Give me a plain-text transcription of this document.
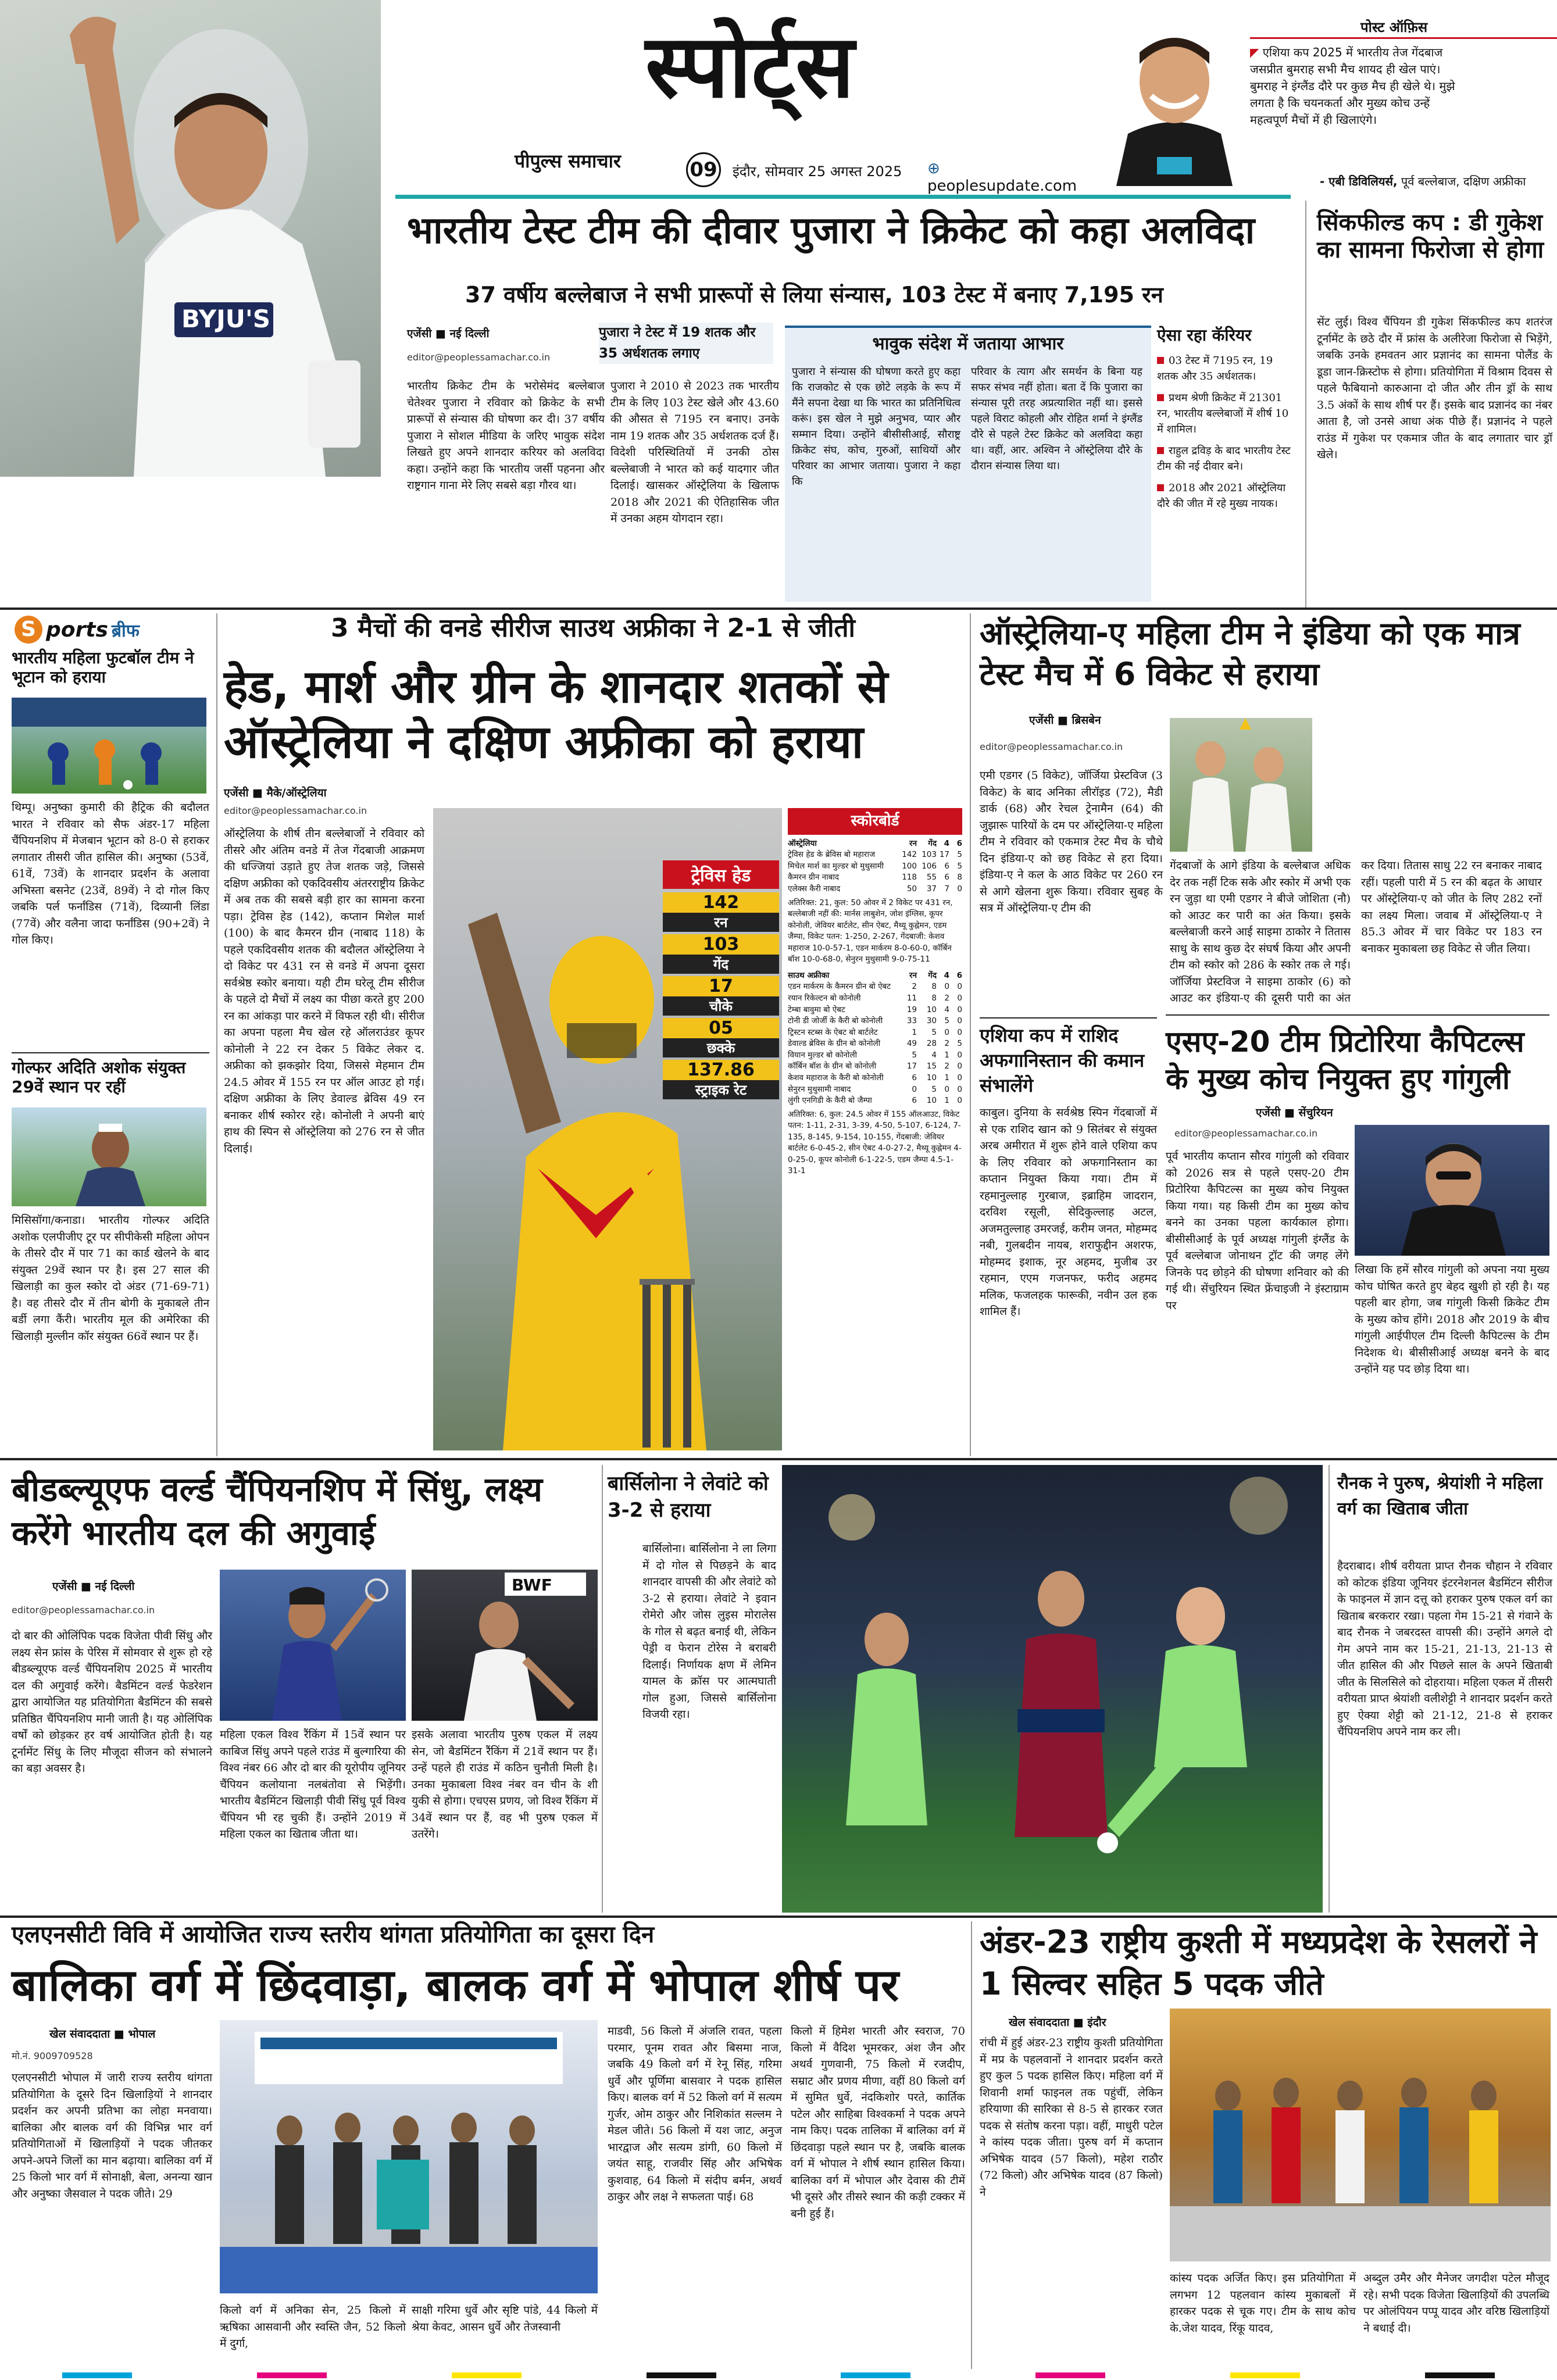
BYJU'S
स्पोर्ट्स
पीपुल्स समाचार	09 इंदौर, सोमवार 25 अगस्त 2025 ⊕ peoplesupdate.com
पोस्ट ऑफ़िस
◤ एशिया कप 2025 में भारतीय तेज गेंदबाज
जसप्रीत बुमराह सभी मैच शायद ही खेल पाएं।
बुमराह ने इंग्लैंड दौरे पर कुछ मैच ही खेले थे। मुझे
लगता है कि चयनकर्ता और मुख्य कोच उन्हें
महत्वपूर्ण मैचों में ही खिलाएंगे।
- एबी डिविलियर्स, पूर्व बल्लेबाज, दक्षिण अफ्रीका
भारतीय टेस्ट टीम की दीवार पुजारा ने क्रिकेट को कहा अलविदा
37 वर्षीय बल्लेबाज ने सभी प्रारूपों से लिया संन्यास, 103 टेस्ट में बनाए 7,195 रन
एजेंसी ■ नई दिल्ली
editor@peoplessamachar.co.in
भारतीय क्रिकेट टीम के भरोसेमंद बल्लेबाज चेतेश्वर पुजारा ने रविवार को क्रिकेट के सभी प्रारूपों से संन्यास की घोषणा कर दी। 37 वर्षीय पुजारा ने सोशल मीडिया के जरिए भावुक संदेश लिखते हुए अपने शानदार करियर को अलविदा कहा। उन्होंने कहा कि भारतीय जर्सी पहनना और राष्ट्रगान गाना मेरे लिए सबसे बड़ा गौरव था।
पुजारा ने टेस्ट में 19 शतक और 35 अर्धशतक लगाए
पुजारा ने 2010 से 2023 तक भारतीय टीम के लिए 103 टेस्ट खेले और 43.60 की औसत से 7195 रन बनाए। उनके नाम 19 शतक और 35 अर्धशतक दर्ज हैं। विदेशी परिस्थितियों में उनकी ठोस बल्लेबाजी ने भारत को कई यादगार जीत दिलाई। खासकर ऑस्ट्रेलिया के खिलाफ 2018 और 2021 की ऐतिहासिक जीत में उनका अहम योगदान रहा।
भावुक संदेश में जताया आभार
पुजारा ने संन्यास की घोषणा करते हुए कहा कि राजकोट से एक छोटे लड़के के रूप में मैंने सपना देखा था कि भारत का प्रतिनिधित्व करूं। इस खेल ने मुझे अनुभव, प्यार और सम्मान दिया। उन्होंने बीसीसीआई, सौराष्ट्र क्रिकेट संघ, कोच, गुरुओं, साथियों और परिवार का आभार जताया। पुजारा ने कहा कि
परिवार के त्याग और समर्थन के बिना यह सफर संभव नहीं होता। बता दें कि पुजारा का संन्यास पूरी तरह अप्रत्याशित नहीं था। इससे पहले विराट कोहली और रोहित शर्मा ने इंग्लैंड दौरे से पहले टेस्ट क्रिकेट को अलविदा कहा था। वहीं, आर. अश्विन ने ऑस्ट्रेलिया दौरे के दौरान संन्यास लिया था।
ऐसा रहा कॅरियर
03 टेस्ट में 7195 रन, 19 शतक और 35 अर्धशतक।
प्रथम श्रेणी क्रिकेट में 21301 रन, भारतीय बल्लेबाजों में शीर्ष 10 में शामिल।
राहुल द्रविड़ के बाद भारतीय टेस्ट टीम की नई दीवार बने।
2018 और 2021 ऑस्ट्रेलिया दौरे की जीत में रहे मुख्य नायक।
सिंकफील्ड कप : डी गुकेश का सामना फिरोजा से होगा
सेंट लुई। विश्व चैंपियन डी गुकेश सिंकफील्ड कप शतरंज टूर्नामेंट के छठे दौर में फ्रांस के अलीरेजा फिरोजा से भिड़ेंगे, जबकि उनके हमवतन आर प्रज्ञानंद का सामना पोलैंड के डूडा जान-क्रिस्टोफ से होगा। प्रतियोगिता में विश्राम दिवस से पहले फैबियानो कारुआना दो जीत और तीन ड्रॉ के साथ 3.5 अंकों के साथ शीर्ष पर हैं। इसके बाद प्रज्ञानंद का नंबर आता है, जो उनसे आधा अंक पीछे हैं। प्रज्ञानंद ने पहले राउंड में गुकेश पर एकमात्र जीत के बाद लगातार चार ड्रॉ खेले।
S ports ब्रीफ
भारतीय महिला फुटबॉल टीम ने भूटान को हराया
थिम्पू। अनुष्का कुमारी की हैट्रिक की बदौलत भारत ने रविवार को सैफ अंडर-17 महिला चैंपियनशिप में मेजबान भूटान को 8-0 से हराकर लगातार तीसरी जीत हासिल की। अनुष्का (53वें, 61वें, 73वें) के शानदार प्रदर्शन के अलावा अभिस्ता बसनेट (23वें, 89वें) ने दो गोल किए जबकि पर्ल फर्नांडिस (71वें), दिव्यानी लिंडा (77वें) और वलैना जादा फर्नांडिस (90+2वें) ने गोल किए।
गोल्फर अदिति अशोक संयुक्त 29वें स्थान पर रहीं
मिसिसॉगा/कनाडा। भारतीय गोल्फर अदिति अशोक एलपीजीए टूर पर सीपीकेसी महिला ओपन के तीसरे दौर में पार 71 का कार्ड खेलने के बाद संयुक्त 29वें स्थान पर है। इस 27 साल की खिलाड़ी का कुल स्कोर दो अंडर (71-69-71) है। वह तीसरे दौर में तीन बोगी के मुकाबले तीन बर्डी लगा कैंरी। भारतीय मूल की अमेरिका की खिलाड़ी मुल्लीन कॉर संयुक्त 66वें स्थान पर हैं।
3 मैचों की वनडे सीरीज साउथ अफ्रीका ने 2-1 से जीती
हेड, मार्श और ग्रीन के शानदार शतकों से ऑस्ट्रेलिया ने दक्षिण अफ्रीका को हराया
एजेंसी ■ मैके/ऑस्ट्रेलिया
editor@peoplessamachar.co.in
ऑस्ट्रेलिया के शीर्ष तीन बल्लेबाजों ने रविवार को तीसरे और अंतिम वनडे में तेज गेंदबाजी आक्रमण की धज्जियां उड़ाते हुए तेज शतक जड़े, जिससे दक्षिण अफ्रीका को एकदिवसीय अंतरराष्ट्रीय क्रिकेट में अब तक की सबसे बड़ी हार का सामना करना पड़ा। ट्रेविस हेड (142), कप्तान मिशेल मार्श (100) के बाद कैमरन ग्रीन (नाबाद 118) के पहले एकदिवसीय शतक की बदौलत ऑस्ट्रेलिया ने दो विकेट पर 431 रन से वनडे में अपना दूसरा सर्वश्रेष्ठ स्कोर बनाया। यही टीम घरेलू टीम सीरीज के पहले दो मैचों में लक्ष्य का पीछा करते हुए 200 रन का आंकड़ा पार करने में विफल रही थी। सीरीज का अपना पहला मैच खेल रहे ऑलराउंडर कूपर कोनोली ने 22 रन देकर 5 विकेट लेकर द. अफ्रीका को झकझोर दिया, जिससे मेहमान टीम 24.5 ओवर में 155 रन पर ऑल आउट हो गई। दक्षिण अफ्रीका के लिए डेवाल्ड ब्रेविस 49 रन बनाकर शीर्ष स्कोरर रहे। कोनोली ने अपनी बाएं हाथ की स्पिन से ऑस्ट्रेलिया को 276 रन से जीत दिलाई।
ट्रेविस हेड
142
रन
103
गेंद
17
चौके
05
छक्के
137.86
स्ट्राइक रेट
स्कोरबोर्ड
ऑस्ट्रेलिया	रन	गेंद 4 6
ट्रेविस हेड के ब्रेविस बो महाराज	142 103 17 5
मिचेल मार्श का मुल्डर बो मुथुसामी	100 106 6 5
कैमरन ग्रीन नाबाद	118	55 6 8
एलेक्स कैरी नाबाद	50	37 7 0
अतिरिक्त: 21, कुल: 50 ओवर में 2 विकेट पर 431 रन, बल्लेबाजी नहीं की: मार्नस लाबुशेन, जोश इंग्लिस, कूपर कोनोली, जेवियर बार्टलेट, सीन ऐबट, मैथ्यू कुह्नेमन, एडम जैम्पा, विकेट पतन: 1-250, 2-267, गेंदबाजी: केशव महाराज 10-0-57-1, एडन मार्करम 8-0-60-0, कॉर्बिन बॉश 10-0-68-0, सेनुरन मुथुसामी 9-0-75-11
साउथ अफ्रीका	रन	गेंद 4 6
एडन मार्करम के कैमरन ग्रीन बो ऐबट	2	8 0 0
रयान रिकेल्टन बो कोनोली	11	8 2 0
टेम्बा बावुमा बो ऐबट	19	10 4 0
टोनी डी जोर्जी के कैरी बो कोनोली	33	30 5 0
ट्रिस्टन स्टब्स के ऐबट बो बार्टलेट	1	5 0 0
डेवाल्ड ब्रेविस के ग्रीन बो कोनोली	49	28 2 5
वियान मुल्डर बो कोनोली	5	4 1 0
कॉर्बिन बॉश के ग्रीन बो कोनोली	17	15 2 0
केशव महाराज के कैरी बो कोनोली	6	10 1 0
सेनुरन मुथुसामी नाबाद	0	5 0 0
लुंगी एनगिडी के कैरी बो जैम्पा	6	10 1 0
अतिरिक्त: 6, कुल: 24.5 ओवर में 155 ऑलआउट, विकेट पतन: 1-11, 2-31, 3-39, 4-50, 5-107, 6-124, 7-135, 8-145, 9-154, 10-155, गेंदबाजी: जेवियर बार्टलेट 6-0-45-2, सीन ऐबट 4-0-27-2, मैथ्यू कुह्नेमन 4-0-25-0, कूपर कोनोली 6-1-22-5, एडम जैम्पा 4.5-1-31-1
ऑस्ट्रेलिया-ए महिला टीम ने इंडिया को एक मात्र टेस्ट मैच में 6 विकेट से हराया
एजेंसी ■ ब्रिसबेन
editor@peoplessamachar.co.in
एमी एडगर (5 विकेट), जॉर्जिया प्रेस्टविज (3 विकेट) के बाद अनिका लीरॉइड (72), मैडी डार्क (68) और रेचल ट्रेनामैन (64) की जुझारू पारियों के दम पर ऑस्ट्रेलिया-ए महिला टीम ने रविवार को एकमात्र टेस्ट मैच के चौथे दिन इंडिया-ए को छह विकेट से हरा दिया। इंडिया-ए ने कल के आठ विकेट पर 260 रन से आगे खेलना शुरू किया। रविवार सुबह के सत्र में ऑस्ट्रेलिया-ए टीम की
गेंदबाजों के आगे इंडिया के बल्लेबाज अधिक देर तक नहीं टिक सके और स्कोर में अभी एक रन जुड़ा था एमी एडगर ने बीजे जोशिता (नौ) को आउट कर पारी का अंत किया। इसके बल्लेबाजी करने आई साइमा ठाकोर ने तितास साधु के साथ कुछ देर संघर्ष किया और अपनी टीम को स्कोर को 286 के स्कोर तक ले गई। जॉर्जिया प्रेस्टविज ने साइमा ठाकोर (6) को आउट कर इंडिया-ए की दूसरी पारी का अंत कर दिया। तितास साधु 22 रन बनाकर नाबाद रहीं। पहली पारी में 5 रन की बढ़त के आधार पर ऑस्ट्रेलिया-ए को जीत के लिए 282 रनों का लक्ष्य मिला। जवाब में ऑस्ट्रेलिया-ए ने 85.3 ओवर में चार विकेट पर 183 रन बनाकर मुकाबला छह विकेट से जीत लिया।
एशिया कप में राशिद अफगानिस्तान की कमान संभालेंगे
काबुल। दुनिया के सर्वश्रेष्ठ स्पिन गेंदबाजों में से एक राशिद खान को 9 सितंबर से संयुक्त अरब अमीरात में शुरू होने वाले एशिया कप के लिए रविवार को अफगानिस्तान का कप्तान नियुक्त किया गया। टीम में रहमानुल्लाह गुरबाज, इब्राहिम जादरान, दरविश रसूली, सेदिकुल्लाह अटल, अजमतुल्लाह उमरजई, करीम जनत, मोहम्मद नबी, गुलबदीन नायब, शराफुद्दीन अशरफ, मोहम्मद इशाक, नूर अहमद, मुजीब उर रहमान, एएम गजनफर, फरीद अहमद मलिक, फजलहक फारूकी, नवीन उल हक शामिल हैं।
एसए-20 टीम प्रिटोरिया कैपिटल्स के मुख्य कोच नियुक्त हुए गांगुली
एजेंसी ■ सेंचुरियन
editor@peoplessamachar.co.in
पूर्व भारतीय कप्तान सौरव गांगुली को रविवार को 2026 सत्र से पहले एसए-20 टीम प्रिटोरिया कैपिटल्स का मुख्य कोच नियुक्त किया गया। यह किसी टीम का मुख्य कोच बनने का उनका पहला कार्यकाल होगा। बीसीसीआई के पूर्व अध्यक्ष गांगुली इंग्लैंड के पूर्व बल्लेबाज जोनाथन ट्रॉट की जगह लेंगे जिनके पद छोड़ने की घोषणा शनिवार को की गई थी। सेंचुरियन स्थित फ्रेंचाइजी ने इंस्टाग्राम पर
लिखा कि हमें सौरव गांगुली को अपना नया मुख्य कोच घोषित करते हुए बेहद खुशी हो रही है। यह पहली बार होगा, जब गांगुली किसी क्रिकेट टीम के मुख्य कोच होंगे। 2018 और 2019 के बीच गांगुली आईपीएल टीम दिल्ली कैपिटल्स के टीम निदेशक थे। बीसीसीआई अध्यक्ष बनने के बाद उन्होंने यह पद छोड़ दिया था।
बीडब्ल्यूएफ वर्ल्ड चैंपियनशिप में सिंधु, लक्ष्य करेंगे भारतीय दल की अगुवाई
एजेंसी ■ नई दिल्ली
editor@peoplessamachar.co.in
दो बार की ओलिंपिक पदक विजेता पीवी सिंधु और लक्ष्य सेन फ्रांस के पेरिस में सोमवार से शुरू हो रहे बीडब्ल्यूएफ वर्ल्ड चैंपियनशिप 2025 में भारतीय दल की अगुवाई करेंगे। बैडमिंटन वर्ल्ड फेडरेशन द्वारा आयोजित यह प्रतियोगिता बैडमिंटन की सबसे प्रतिष्ठित चैंपियनशिप मानी जाती है। यह ओलिंपिक वर्षों को छोड़कर हर वर्ष आयोजित होती है। यह टूर्नामेंट सिंधु के लिए मौजूदा सीजन को संभालने का बड़ा अवसर है।
BWF
महिला एकल विश्व रैंकिंग में 15वें स्थान पर काबिज सिंधु अपने पहले राउंड में बुल्गारिया की विश्व नंबर 66 और दो बार की यूरोपीय जूनियर चैंपियन कलोयाना नलबंतोवा से भिड़ेंगी। भारतीय बैडमिंटन खिलाड़ी पीवी सिंधु पूर्व विश्व चैंपियन भी रह चुकी हैं। उन्होंने 2019 में महिला एकल का खिताब जीता था।
इसके अलावा भारतीय पुरुष एकल में लक्ष्य सेन, जो बैडमिंटन रैंकिंग में 21वें स्थान पर हैं। उन्हें पहले ही राउंड में कठिन चुनौती मिली है। उनका मुकाबला विश्व नंबर वन चीन के शी युकी से होगा। एचएस प्रणय, जो विश्व रैंकिंग में 34वें स्थान पर हैं, वह भी पुरुष एकल में उतरेंगे।
बार्सिलोना ने लेवांटे को 3-2 से हराया
बार्सिलोना। बार्सिलोना ने ला लिगा में दो गोल से पिछड़ने के बाद शानदार वापसी की और लेवांटे को 3-2 से हराया। लेवांटे ने इवान रोमेरो और जोस लुइस मोरालेस के गोल से बढ़त बनाई थी, लेकिन पेड्री व फेरान टोरेस ने बराबरी दिलाई। निर्णायक क्षण में लेमिन यामल के क्रॉस पर आत्मघाती गोल हुआ, जिससे बार्सिलोना विजयी रहा।
रौनक ने पुरुष, श्रेयांशी ने महिला वर्ग का खिताब जीता
हैदराबाद। शीर्ष वरीयता प्राप्त रौनक चौहान ने रविवार को कोटक इंडिया जूनियर इंटरनेशनल बैडमिंटन सीरीज के फाइनल में ज्ञान दत्तू को हराकर पुरुष एकल वर्ग का खिताब बरकरार रखा। पहला गेम 15-21 से गंवाने के बाद रौनक ने जबरदस्त वापसी की। उन्होंने अगले दो गेम अपने नाम कर 15-21, 21-13, 21-13 से जीत हासिल की और पिछले साल के अपने खिताबी जीत के सिलसिले को दोहराया। महिला एकल में तीसरी वरीयता प्राप्त श्रेयांशी वलीशेट्टी ने शानदार प्रदर्शन करते हुए ऐक्या शेट्टी को 21-12, 21-8 से हराकर चैंपियनशिप अपने नाम कर ली।
एलएनसीटी विवि में आयोजित राज्य स्तरीय थांगता प्रतियोगिता का दूसरा दिन
बालिका वर्ग में छिंदवाड़ा, बालक वर्ग में भोपाल शीर्ष पर
खेल संवाददाता ■ भोपाल
मो.नं. 9009709528
एलएनसीटी भोपाल में जारी राज्य स्तरीय थांगता प्रतियोगिता के दूसरे दिन खिलाड़ियों ने शानदार प्रदर्शन कर अपनी प्रतिभा का लोहा मनवाया। बालिका और बालक वर्ग की विभिन्न भार वर्ग प्रतियोगिताओं में खिलाड़ियों ने पदक जीतकर अपने-अपने जिलों का मान बढ़ाया। बालिका वर्ग में 25 किलो भार वर्ग में सोनाक्षी, बेला, अनन्या खान और अनुष्का जैसवाल ने पदक जीते। 29
किलो वर्ग में अनिका सेन, 25 किलो में ऋषिका आसवानी और स्वस्ति जैन, 52 किलो में दुर्गा,
साक्षी गरिमा धुर्वे और सृष्टि पांडे, 44 किलो में श्रेया केवट, आसन धुर्वे और तेजस्वानी
माडवी, 56 किलो में अंजलि रावत, पहला परमार, पूनम रावत और बिसमा नाज, जबकि 49 किलो वर्ग में रेनू सिंह, गरिमा धुर्वे और पूर्णिमा बासवार ने पदक हासिल किए। बालक वर्ग में 52 किलो वर्ग में सत्यम गुर्जर, ओम ठाकुर और निशिकांत सल्लम ने मेडल जीते। 56 किलो में यश जाट, अनुज भारद्वाज और सत्यम डांगी, 60 किलो में जयंत साहू, राजवीर सिंह और अभिषेक कुशवाह, 64 किलो में संदीप बर्मन, अथर्व ठाकुर और लक्ष ने सफलता पाई। 68
किलो में हिमेश भारती और स्वराज, 70 किलो में वैदिश भूमरकर, अंश जैन और अथर्व गुणवानी, 75 किलो में रजदीप, सम्राट और प्रणय मीणा, वहीं 80 किलो वर्ग में सुमित धुर्वे, नंदकिशोर परते, कार्तिक पटेल और साहिबा विश्वकर्मा ने पदक अपने नाम किए। पदक तालिका में बालिका वर्ग में छिंदवाड़ा पहले स्थान पर है, जबकि बालक वर्ग में भोपाल ने शीर्ष स्थान हासिल किया। बालिका वर्ग में भोपाल और देवास की टीमें भी दूसरे और तीसरे स्थान की कड़ी टक्कर में बनी हुई हैं।
अंडर-23 राष्ट्रीय कुश्ती में मध्यप्रदेश के रेसलरों ने 1 सिल्वर सहित 5 पदक जीते
खेल संवाददाता ■ इंदौर
रांची में हुई अंडर-23 राष्ट्रीय कुश्ती प्रतियोगिता में मप्र के पहलवानों ने शानदार प्रदर्शन करते हुए कुल 5 पदक हासिल किए। महिला वर्ग में शिवानी शर्मा फाइनल तक पहुंचीं, लेकिन हरियाणा की सारिका से 8-5 से हारकर रजत पदक से संतोष करना पड़ा। वहीं, माधुरी पटेल ने कांस्य पदक जीता। पुरुष वर्ग में कप्तान अभिषेक यादव (57 किलो), महेश राठौर (72 किलो) और अभिषेक यादव (87 किलो) ने
कांस्य पदक अर्जित किए। इस प्रतियोगिता में लगभग 12 पहलवान कांस्य मुकाबलों में हारकर पदक से चूक गए। टीम के साथ कोच के.जेश यादव, रिंकू यादव,
अब्दुल उमैर और मैनेजर जगदीश पटेल मौजूद रहे। सभी पदक विजेता खिलाड़ियों की उपलब्धि पर ओलंपियन पप्पू यादव और वरिष्ठ खिलाड़ियों ने बधाई दी।
